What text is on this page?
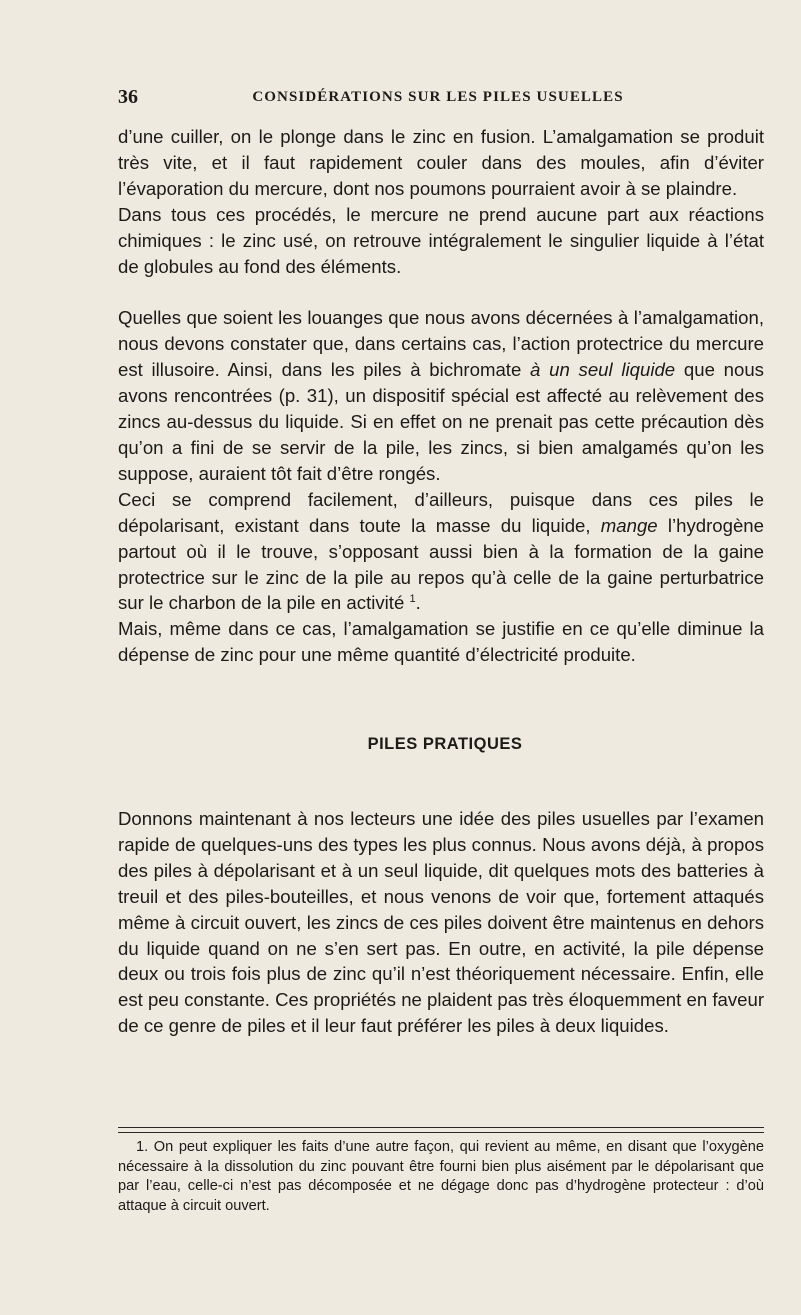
36	CONSIDÉRATIONS SUR LES PILES USUELLES

d’une cuiller, on le plonge dans le zinc en fusion. L’amalgamation se produit très vite, et il faut rapidement couler dans des moules, afin d’éviter l’évaporation du mercure, dont nos poumons pourraient avoir à se plaindre.

Dans tous ces procédés, le mercure ne prend aucune part aux réactions chimiques : le zinc usé, on retrouve intégralement le singulier liquide à l’état de globules au fond des éléments.

Quelles que soient les louanges que nous avons décernées à l’amalgamation, nous devons constater que, dans certains cas, l’action protectrice du mercure est illusoire. Ainsi, dans les piles à bichromate à un seul liquide que nous avons rencontrées (p. 31), un dispositif spécial est affecté au relèvement des zincs au-dessus du liquide. Si en effet on ne prenait pas cette précaution dès qu’on a fini de se servir de la pile, les zincs, si bien amalgamés qu’on les suppose, auraient tôt fait d’être rongés.

Ceci se comprend facilement, d’ailleurs, puisque dans ces piles le dépolarisant, existant dans toute la masse du liquide, mange l’hydrogène partout où il le trouve, s’opposant aussi bien à la formation de la gaine protectrice sur le zinc de la pile au repos qu’à celle de la gaine perturbatrice sur le charbon de la pile en activité $^1$.

Mais, même dans ce cas, l’amalgamation se justifie en ce qu’elle diminue la dépense de zinc pour une même quantité d’électricité produite.

PILES PRATIQUES

Donnons maintenant à nos lecteurs une idée des piles usuelles par l’examen rapide de quelques-uns des types les plus connus. Nous avons déjà, à propos des piles à dépolarisant et à un seul liquide, dit quelques mots des batteries à treuil et des piles-bouteilles, et nous venons de voir que, fortement attaqués même à circuit ouvert, les zincs de ces piles doivent être maintenus en dehors du liquide quand on ne s’en sert pas. En outre, en activité, la pile dépense deux ou trois fois plus de zinc qu’il n’est théoriquement nécessaire. Enfin, elle est peu constante. Ces propriétés ne plaident pas très éloquemment en faveur de ce genre de piles et il leur faut préférer les piles à deux liquides.

1. On peut expliquer les faits d’une autre façon, qui revient au même, en disant que l’oxygène nécessaire à la dissolution du zinc pouvant être fourni bien plus aisément par le dépolarisant que par l’eau, celle-ci n’est pas décomposée et ne dégage donc pas d’hydrogène protecteur : d’où attaque à circuit ouvert.
